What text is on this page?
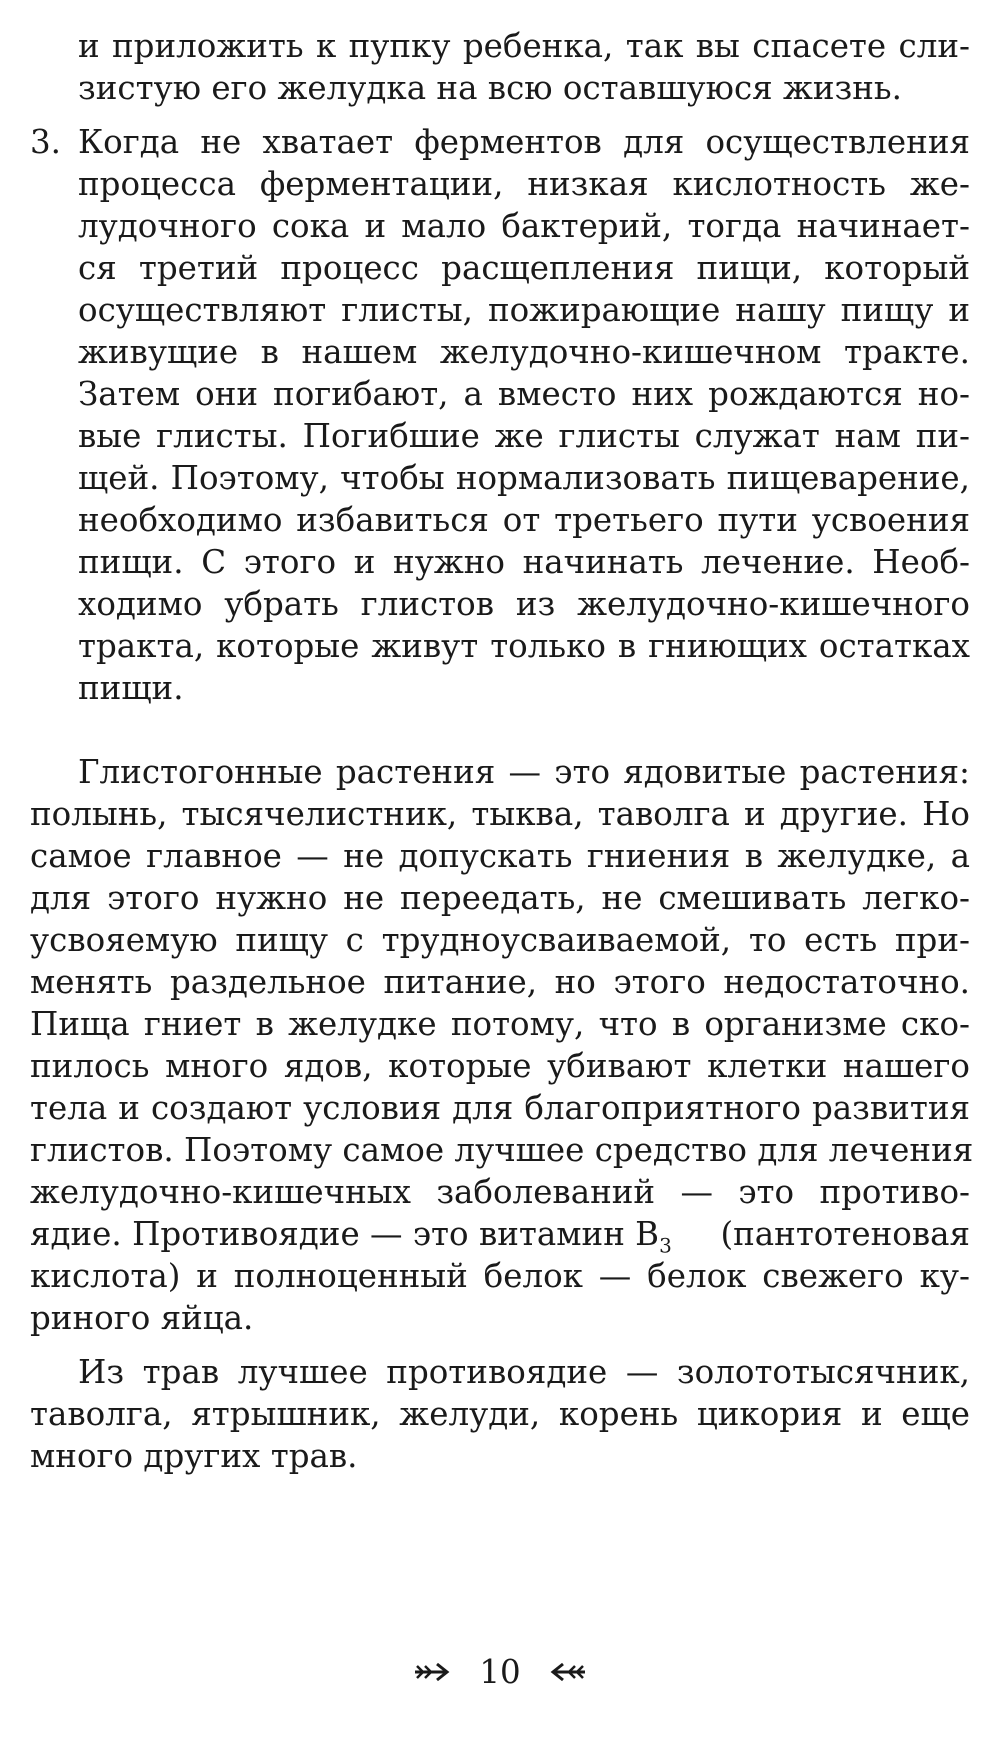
и приложить к пупку ребенка, так вы спасете сли-
зистую его желудка на всю оставшуюся жизнь.
3. Когда не хватает ферментов для осуществления
процесса ферментации, низкая кислотность же-
лудочного сока и мало бактерий, тогда начинает-
ся третий процесс расщепления пищи, который
осуществляют глисты, пожирающие нашу пищу и
живущие в нашем желудочно-кишечном тракте.
Затем они погибают, а вместо них рождаются но-
вые глисты. Погибшие же глисты служат нам пи-
щей. Поэтому, чтобы нормализовать пищеварение,
необходимо избавиться от третьего пути усвоения
пищи. С этого и нужно начинать лечение. Необ-
ходимо убрать глистов из желудочно-кишечного
тракта, которые живут только в гниющих остатках
пищи.
Глистогонные растения — это ядовитые растения:
полынь, тысячелистник, тыква, таволга и другие. Но
самое главное — не допускать гниения в желудке, а
для этого нужно не переедать, не смешивать легко-
усвояемую пищу с трудноусваиваемой, то есть при-
менять раздельное питание, но этого недостаточно.
Пища гниет в желудке потому, что в организме ско-
пилось много ядов, которые убивают клетки нашего
тела и создают условия для благоприятного развития
глистов. Поэтому самое лучшее средство для лечения
желудочно-кишечных заболеваний — это противо-
ядие. Противоядие — это витамин $B_3$ (пантотеновая
кислота) и полноценный белок — белок свежего ку-
риного яйца.
Из трав лучшее противоядие — золототысячник,
таволга, ятрышник, желуди, корень цикория и еще
много других трав.
10
